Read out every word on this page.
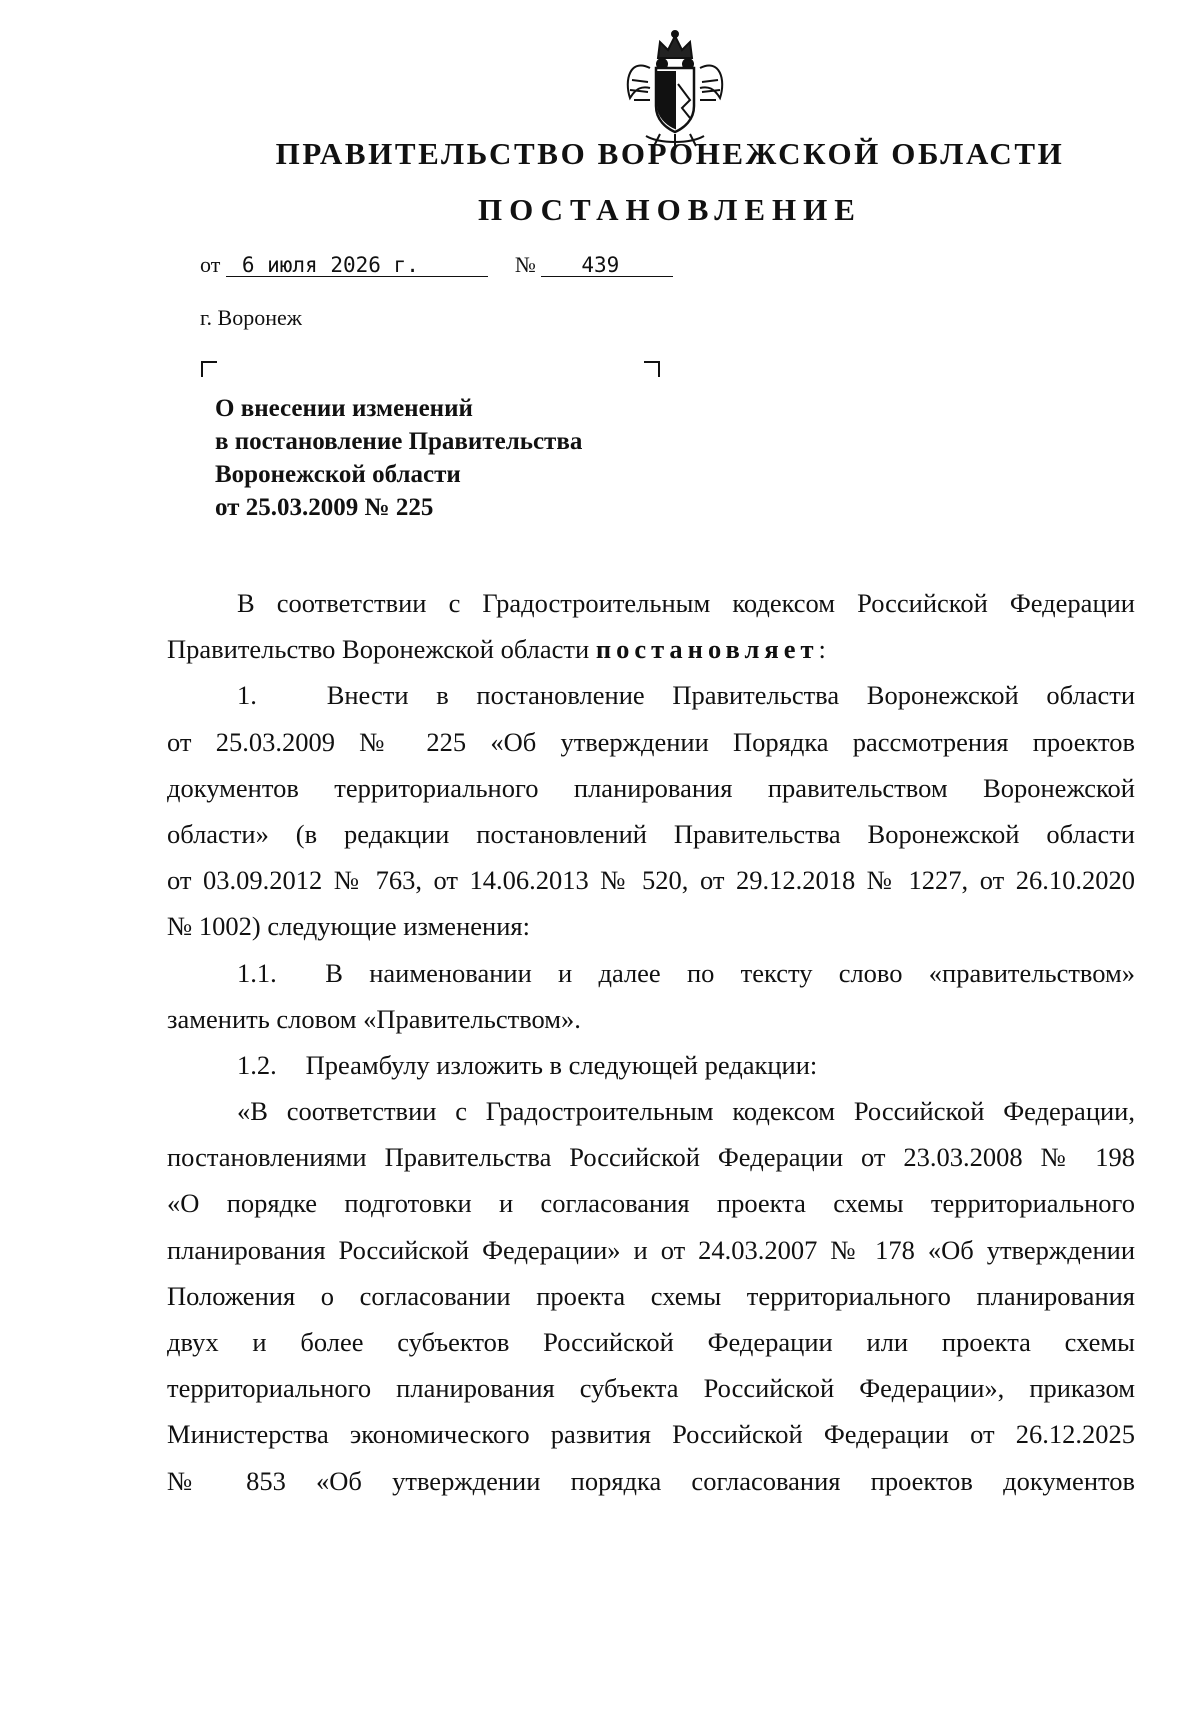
ПРАВИТЕЛЬСТВО ВОРОНЕЖСКОЙ ОБЛАСТИ
ПОСТАНОВЛЕНИЕ
от 6 июля 2026 г.	№ 439
г. Воронеж
О внесении изменений
в постановление Правительства
Воронежской области
от 25.03.2009 № 225
В соответствии с Градостроительным кодексом Российской Федерации
Правительство Воронежской области постановляет:
1.	Внести в постановление Правительства Воронежской области
от 25.03.2009 № 225 «Об утверждении Порядка рассмотрения проектов
документов территориального планирования правительством Воронежской
области» (в редакции постановлений Правительства Воронежской области
от 03.09.2012 № 763, от 14.06.2013 № 520, от 29.12.2018 № 1227, от 26.10.2020
№ 1002) следующие изменения:
1.1. В наименовании и далее по тексту слово «правительством»
заменить словом «Правительством».
1.2. Преамбулу изложить в следующей редакции:
«В соответствии с Градостроительным кодексом Российской Федерации,
постановлениями Правительства Российской Федерации от 23.03.2008 № 198
«О порядке подготовки и согласования проекта схемы территориального
планирования Российской Федерации» и от 24.03.2007 № 178 «Об утверждении
Положения о согласовании проекта схемы территориального планирования
двух и более субъектов Российской Федерации или проекта схемы
территориального планирования субъекта Российской Федерации», приказом
Министерства экономического развития Российской Федерации от 26.12.2025
№ 853 «Об утверждении порядка согласования проектов документов
